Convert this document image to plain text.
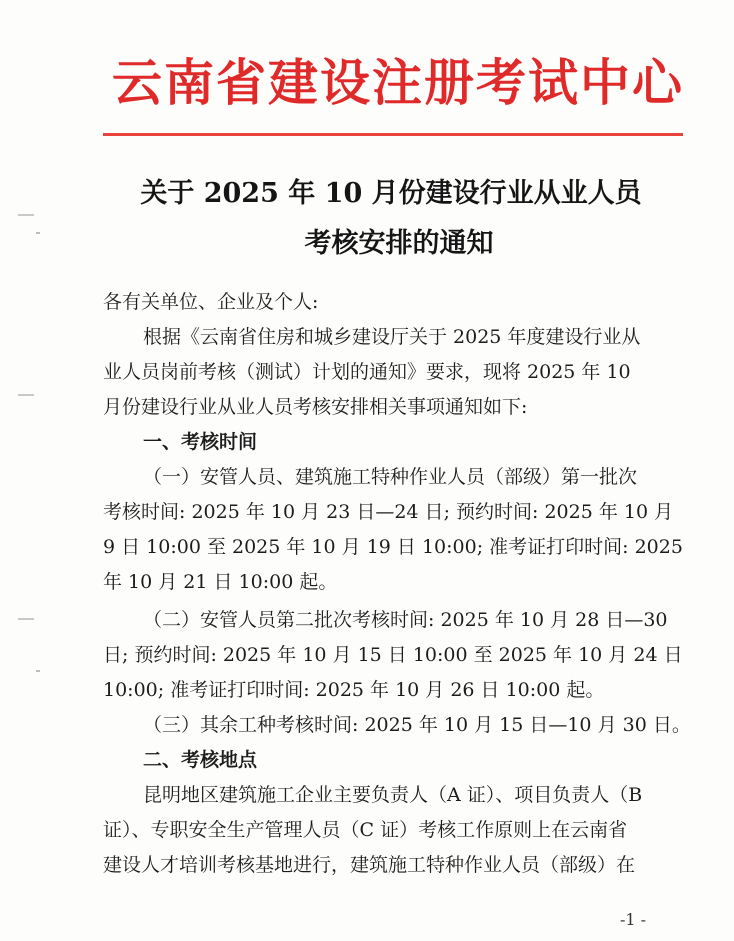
云南省建设注册考试中心
关于 2025 年 10 月份建设行业从业人员
考核安排的通知
各有关单位、企业及个人:
根据《云南省住房和城乡建设厅关于 2025 年度建设行业从
业人员岗前考核（测试）计划的通知》要求，现将 2025 年 10
月份建设行业从业人员考核安排相关事项通知如下:
一、考核时间
（一）安管人员、建筑施工特种作业人员（部级）第一批次
考核时间: 2025 年 10 月 23 日—24 日; 预约时间: 2025 年 10 月
9 日 10:00 至 2025 年 10 月 19 日 10:00; 准考证打印时间: 2025
年 10 月 21 日 10:00 起。
（二）安管人员第二批次考核时间: 2025 年 10 月 28 日—30
日; 预约时间: 2025 年 10 月 15 日 10:00 至 2025 年 10 月 24 日
10:00; 准考证打印时间: 2025 年 10 月 26 日 10:00 起。
（三）其余工种考核时间: 2025 年 10 月 15 日—10 月 30 日。
二、考核地点
昆明地区建筑施工企业主要负责人（A 证）、项目负责人（B
证）、专职安全生产管理人员（C 证）考核工作原则上在云南省
建设人才培训考核基地进行，建筑施工特种作业人员（部级）在
-1 -
